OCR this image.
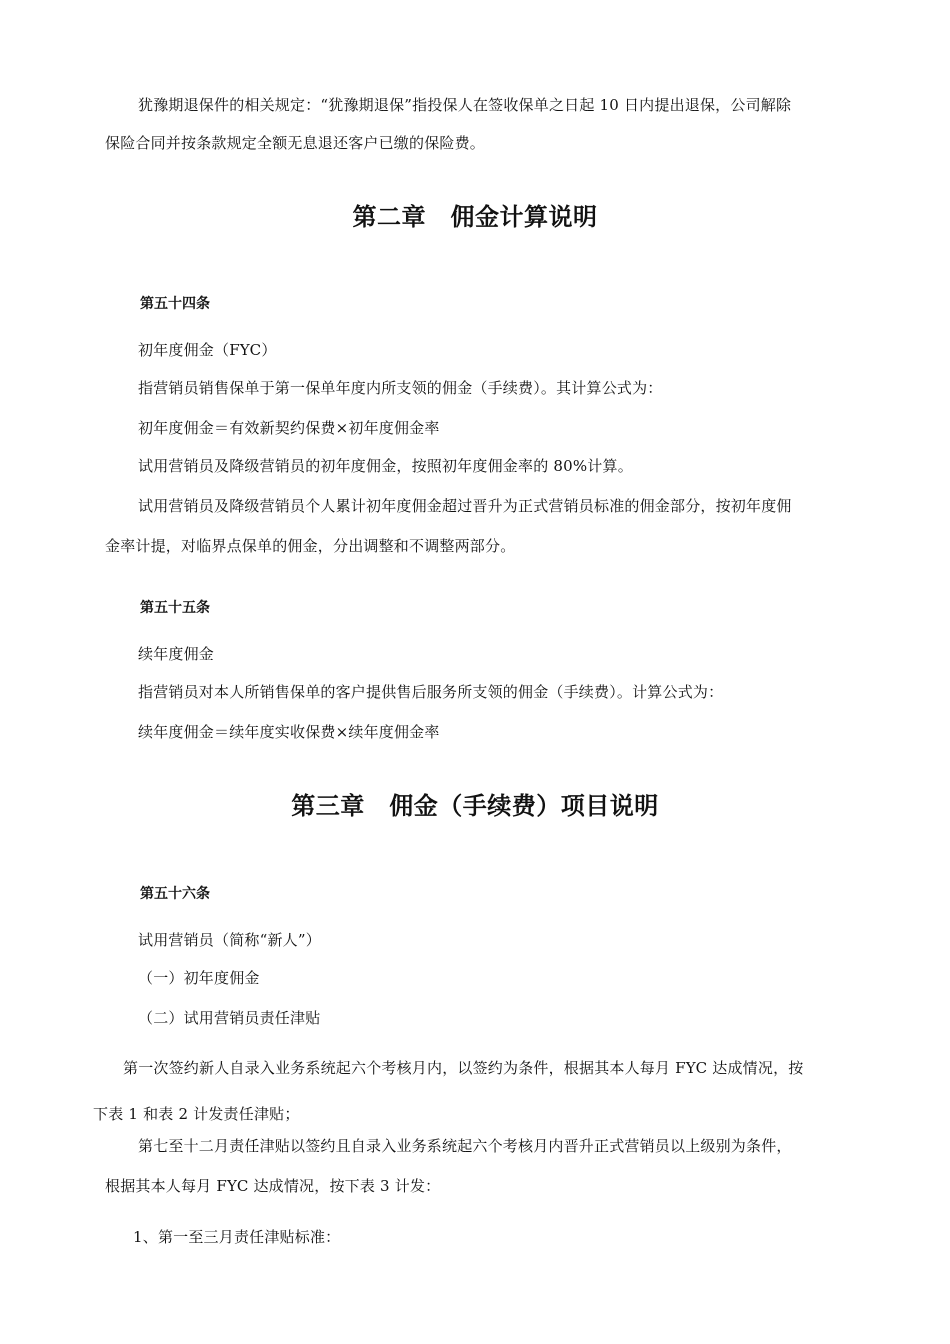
犹豫期退保件的相关规定：“犹豫期退保”指投保人在签收保单之日起 10 日内提出退保，公司解除
保险合同并按条款规定全额无息退还客户已缴的保险费。
第二章　佣金计算说明
第五十四条
初年度佣金（FYC）
指营销员销售保单于第一保单年度内所支领的佣金（手续费）。其计算公式为：
初年度佣金＝有效新契约保费×初年度佣金率
试用营销员及降级营销员的初年度佣金，按照初年度佣金率的 80%计算。
试用营销员及降级营销员个人累计初年度佣金超过晋升为正式营销员标准的佣金部分，按初年度佣
金率计提，对临界点保单的佣金，分出调整和不调整两部分。
第五十五条
续年度佣金
指营销员对本人所销售保单的客户提供售后服务所支领的佣金（手续费）。计算公式为：
续年度佣金＝续年度实收保费×续年度佣金率
第三章　佣金（手续费）项目说明
第五十六条
试用营销员（简称“新人”）
（一）初年度佣金
（二）试用营销员责任津贴
第一次签约新人自录入业务系统起六个考核月内，以签约为条件，根据其本人每月 FYC 达成情况，按
下表 1 和表 2 计发责任津贴；
第七至十二月责任津贴以签约且自录入业务系统起六个考核月内晋升正式营销员以上级别为条件，
根据其本人每月 FYC 达成情况，按下表 3 计发：
1、第一至三月责任津贴标准：
